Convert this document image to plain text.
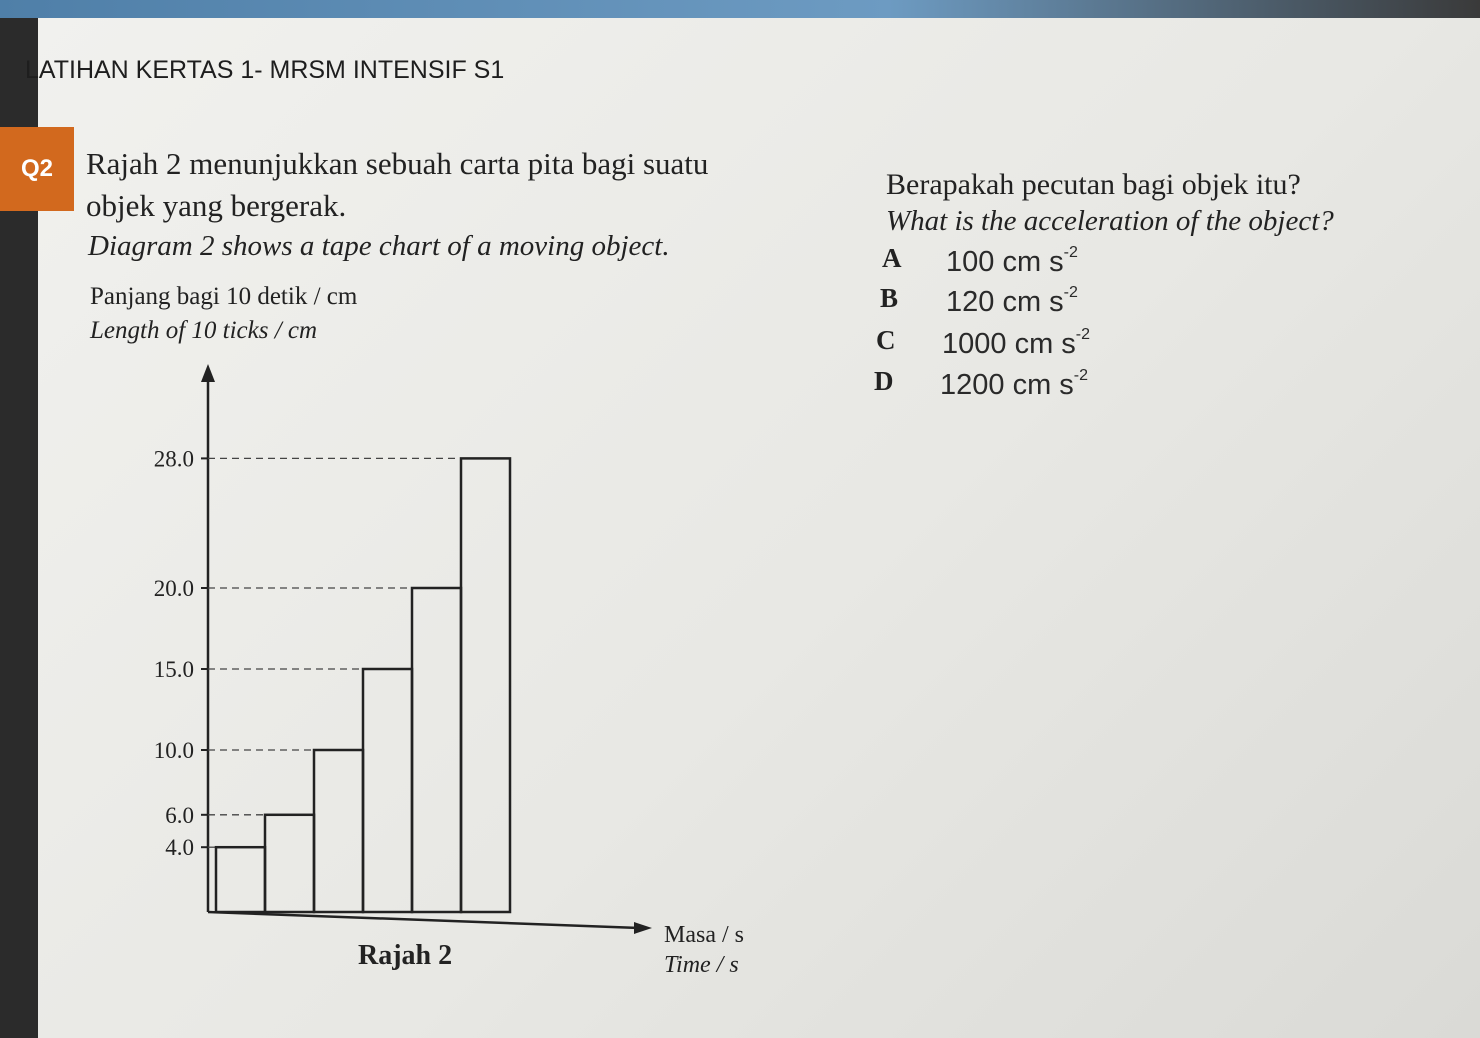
LATIHAN KERTAS 1- MRSM INTENSIF S1
Q2	Rajah 2 menunjukkan sebuah carta pita bagi suatu
objek yang bergerak.
Diagram 2 shows a tape chart of a moving object.
Berapakah pecutan bagi objek itu?
What is the acceleration of the object?
A 100 cm $s^{-2}$
B 120 cm $s^{-2}$
C 1000 cm $s^{-2}$
D 1200 cm $s^{-2}$
Panjang bagi 10 detik / cm
Length of 10 ticks / cm
28.0
20.0
15.0
10.0
6.0
4.0
Rajah 2
Masa / s
Time / s
